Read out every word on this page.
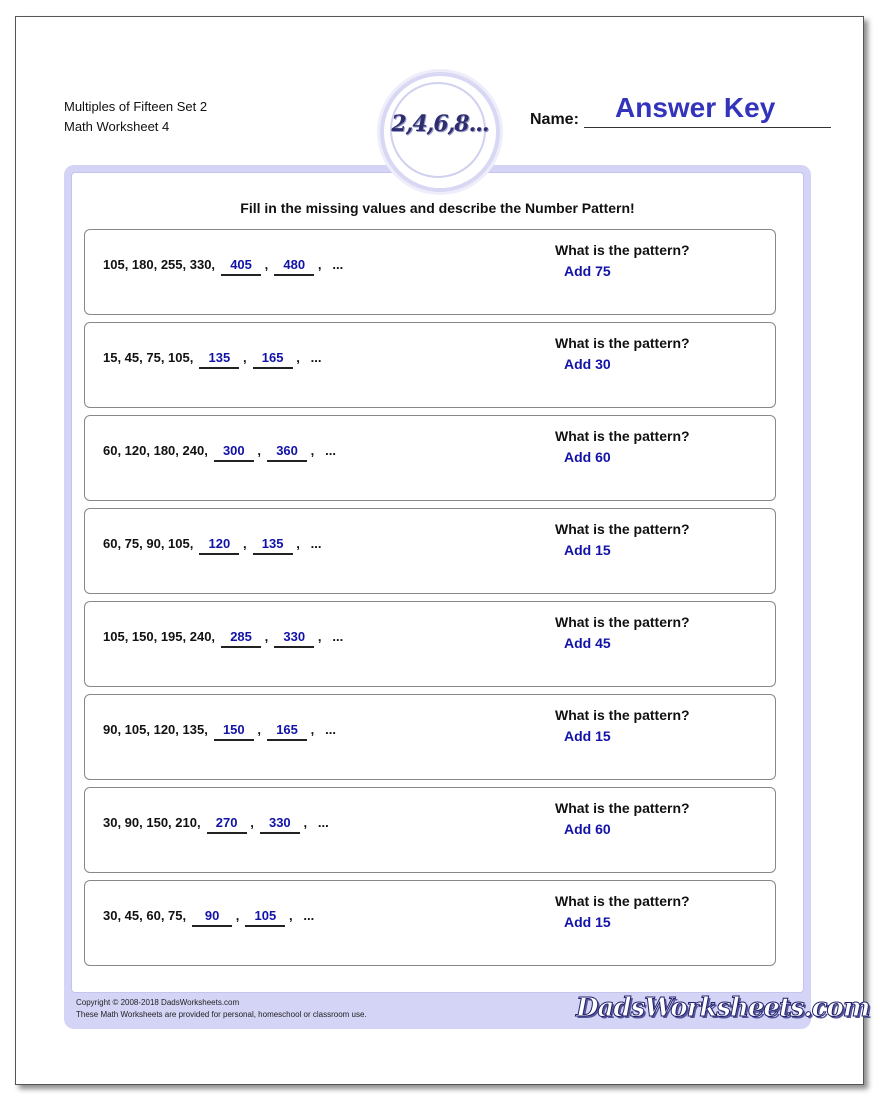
Multiples of Fifteen Set 2
Math Worksheet 4	2,4,6,8...	Name: Answer Key
Fill in the missing values and describe the Number Pattern!
Copyright © 2008-2018 DadsWorksheets.com
These Math Worksheets are provided for personal, homeschool or classroom use.	DadsWorksheets.com
105, 180, 255, 330, 405 , 480 ,   ...
What is the pattern?
Add 75
15, 45, 75, 105, 135 , 165 ,   ...
What is the pattern?
Add 30
60, 120, 180, 240, 300 , 360 ,   ...
What is the pattern?
Add 60
60, 75, 90, 105, 120 , 135 ,   ...
What is the pattern?
Add 15
105, 150, 195, 240, 285 , 330 ,   ...
What is the pattern?
Add 45
90, 105, 120, 135, 150 , 165 ,   ...
What is the pattern?
Add 15
30, 90, 150, 210, 270 , 330 ,   ...
What is the pattern?
Add 60
30, 45, 60, 75, 90 , 105 ,   ...
What is the pattern?
Add 15
